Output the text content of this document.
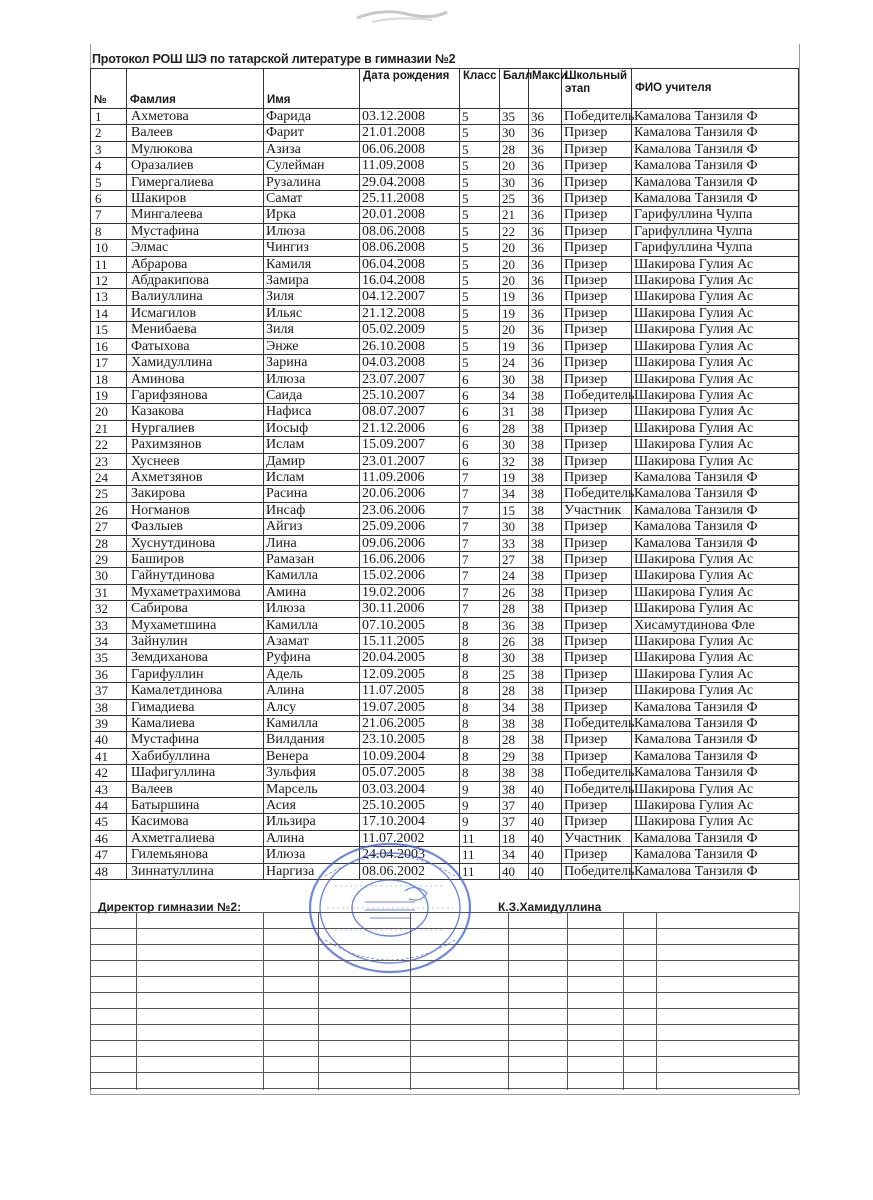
Протокол РОШ ШЭ по татарской литературе в гимназии №2
№	Фамлия	Имя	Дата рождения	Класс	Балл	Макси	Школьный этап	ФИО учителя
1	Ахметова	Фарида	03.12.2008	5	35	36	Победитель	Камалова Танзиля Ф
2	Валеев	Фарит	21.01.2008	5	30	36	Призер	Камалова Танзиля Ф
3	Мулюкова	Азиза	06.06.2008	5	28	36	Призер	Камалова Танзиля Ф
4	Оразалиев	Сулейман	11.09.2008	5	20	36	Призер	Камалова Танзиля Ф
5	Гимергалиева	Рузалина	29.04.2008	5	30	36	Призер	Камалова Танзиля Ф
6	Шакиров	Самат	25.11.2008	5	25	36	Призер	Камалова Танзиля Ф
7	Мингалеева	Ирка	20.01.2008	5	21	36	Призер	Гарифуллина Чулпа
8	Мустафина	Илюза	08.06.2008	5	22	36	Призер	Гарифуллина Чулпа
10	Элмас	Чингиз	08.06.2008	5	20	36	Призер	Гарифуллина Чулпа
11	Абрарова	Камиля	06.04.2008	5	20	36	Призер	Шакирова Гулия Ас
12	Абдракипова	Замира	16.04.2008	5	20	36	Призер	Шакирова Гулия Ас
13	Валиуллина	Зиля	04.12.2007	5	19	36	Призер	Шакирова Гулия Ас
14	Исмагилов	Ильяс	21.12.2008	5	19	36	Призер	Шакирова Гулия Ас
15	Менибаева	Зиля	05.02.2009	5	20	36	Призер	Шакирова Гулия Ас
16	Фатыхова	Энже	26.10.2008	5	19	36	Призер	Шакирова Гулия Ас
17	Хамидуллина	Зарина	04.03.2008	5	24	36	Призер	Шакирова Гулия Ас
18	Аминова	Илюза	23.07.2007	6	30	38	Призер	Шакирова Гулия Ас
19	Гарифзянова	Саида	25.10.2007	6	34	38	Победитель	Шакирова Гулия Ас
20	Казакова	Нафиса	08.07.2007	6	31	38	Призер	Шакирова Гулия Ас
21	Нургалиев	Иосыф	21.12.2006	6	28	38	Призер	Шакирова Гулия Ас
22	Рахимзянов	Ислам	15.09.2007	6	30	38	Призер	Шакирова Гулия Ас
23	Хуснеев	Дамир	23.01.2007	6	32	38	Призер	Шакирова Гулия Ас
24	Ахметзянов	Ислам	11.09.2006	7	19	38	Призер	Камалова Танзиля Ф
25	Закирова	Расина	20.06.2006	7	34	38	Победитель	Камалова Танзиля Ф
26	Ногманов	Инсаф	23.06.2006	7	15	38	Участник	Камалова Танзиля Ф
27	Фазлыев	Айгиз	25.09.2006	7	30	38	Призер	Камалова Танзиля Ф
28	Хуснутдинова	Лина	09.06.2006	7	33	38	Призер	Камалова Танзиля Ф
29	Баширов	Рамазан	16.06.2006	7	27	38	Призер	Шакирова Гулия Ас
30	Гайнутдинова	Камилла	15.02.2006	7	24	38	Призер	Шакирова Гулия Ас
31	Мухаметрахимова	Амина	19.02.2006	7	26	38	Призер	Шакирова Гулия Ас
32	Сабирова	Илюза	30.11.2006	7	28	38	Призер	Шакирова Гулия Ас
33	Мухаметшина	Камилла	07.10.2005	8	36	38	Призер	Хисамутдинова Фле
34	Зайнулин	Азамат	15.11.2005	8	26	38	Призер	Шакирова Гулия Ас
35	Земдиханова	Руфина	20.04.2005	8	30	38	Призер	Шакирова Гулия Ас
36	Гарифуллин	Адель	12.09.2005	8	25	38	Призер	Шакирова Гулия Ас
37	Камалетдинова	Алина	11.07.2005	8	28	38	Призер	Шакирова Гулия Ас
38	Гимадиева	Алсу	19.07.2005	8	34	38	Призер	Камалова Танзиля Ф
39	Камалиева	Камилла	21.06.2005	8	38	38	Победитель	Камалова Танзиля Ф
40	Мустафина	Вилдания	23.10.2005	8	28	38	Призер	Камалова Танзиля Ф
41	Хабибуллина	Венера	10.09.2004	8	29	38	Призер	Камалова Танзиля Ф
42	Шафигуллина	Зульфия	05.07.2005	8	38	38	Победитель	Камалова Танзиля Ф
43	Валеев	Марсель	03.03.2004	9	38	40	Победитель	Шакирова Гулия Ас
44	Батыршина	Асия	25.10.2005	9	37	40	Призер	Шакирова Гулия Ас
45	Касимова	Ильзира	17.10.2004	9	37	40	Призер	Шакирова Гулия Ас
46	Ахметгалиева	Алина	11.07.2002	11	18	40	Участник	Камалова Танзиля Ф
47	Гилемьянова	Илюза	24.04.2003	11	34	40	Призер	Камалова Танзиля Ф
48	Зиннатуллина	Наргиза	08.06.2002	11	40	40	Победитель	Камалова Танзиля Ф
Директор гимназии №2:	К.З.Хамидуллина
